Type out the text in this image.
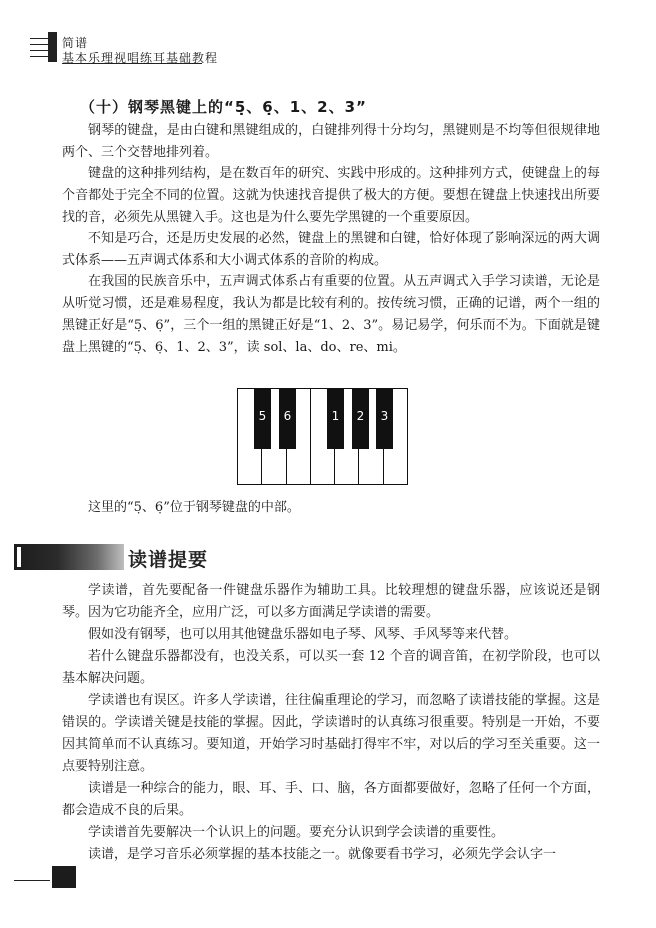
简谱
基本乐理视唱练耳基础教程
（十）钢琴黑键上的“5̣、6̣、1、2、3”

钢琴的键盘，是由白键和黑键组成的，白键排列得十分均匀，黑键则是不均等但很规律地两个、三个交替地排列着。

键盘的这种排列结构，是在数百年的研究、实践中形成的。这种排列方式，使键盘上的每个音都处于完全不同的位置。这就为快速找音提供了极大的方便。要想在键盘上快速找出所要找的音，必须先从黑键入手。这也是为什么要先学黑键的一个重要原因。

不知是巧合，还是历史发展的必然，键盘上的黑键和白键，恰好体现了影响深远的两大调式体系——五声调式体系和大小调式体系的音阶的构成。

在我国的民族音乐中，五声调式体系占有重要的位置。从五声调式入手学习读谱，无论是从听觉习惯，还是难易程度，我认为都是比较有利的。按传统习惯，正确的记谱，两个一组的黑键正好是“5̣、6̣”，三个一组的黑键正好是“1、2、3”。易记易学，何乐而不为。下面就是键盘上黑键的“5̣、6̣、1、2、3”，读 sol、la、do、re、mi。

5	6	1	2	3

这里的“5̣、6̣”位于钢琴键盘的中部。

读谱提要

学读谱，首先要配备一件键盘乐器作为辅助工具。比较理想的键盘乐器，应该说还是钢琴。因为它功能齐全，应用广泛，可以多方面满足学读谱的需要。

假如没有钢琴，也可以用其他键盘乐器如电子琴、风琴、手风琴等来代替。

若什么键盘乐器都没有，也没关系，可以买一套 12 个音的调音笛，在初学阶段，也可以基本解决问题。

学读谱也有误区。许多人学读谱，往往偏重理论的学习，而忽略了读谱技能的掌握。这是错误的。学读谱关键是技能的掌握。因此，学读谱时的认真练习很重要。特别是一开始，不要因其简单而不认真练习。要知道，开始学习时基础打得牢不牢，对以后的学习至关重要。这一点要特别注意。

读谱是一种综合的能力，眼、耳、手、口、脑，各方面都要做好，忽略了任何一个方面，都会造成不良的后果。

学读谱首先要解决一个认识上的问题。要充分认识到学会读谱的重要性。

读谱，是学习音乐必须掌握的基本技能之一。就像要看书学习，必须先学会认字一
